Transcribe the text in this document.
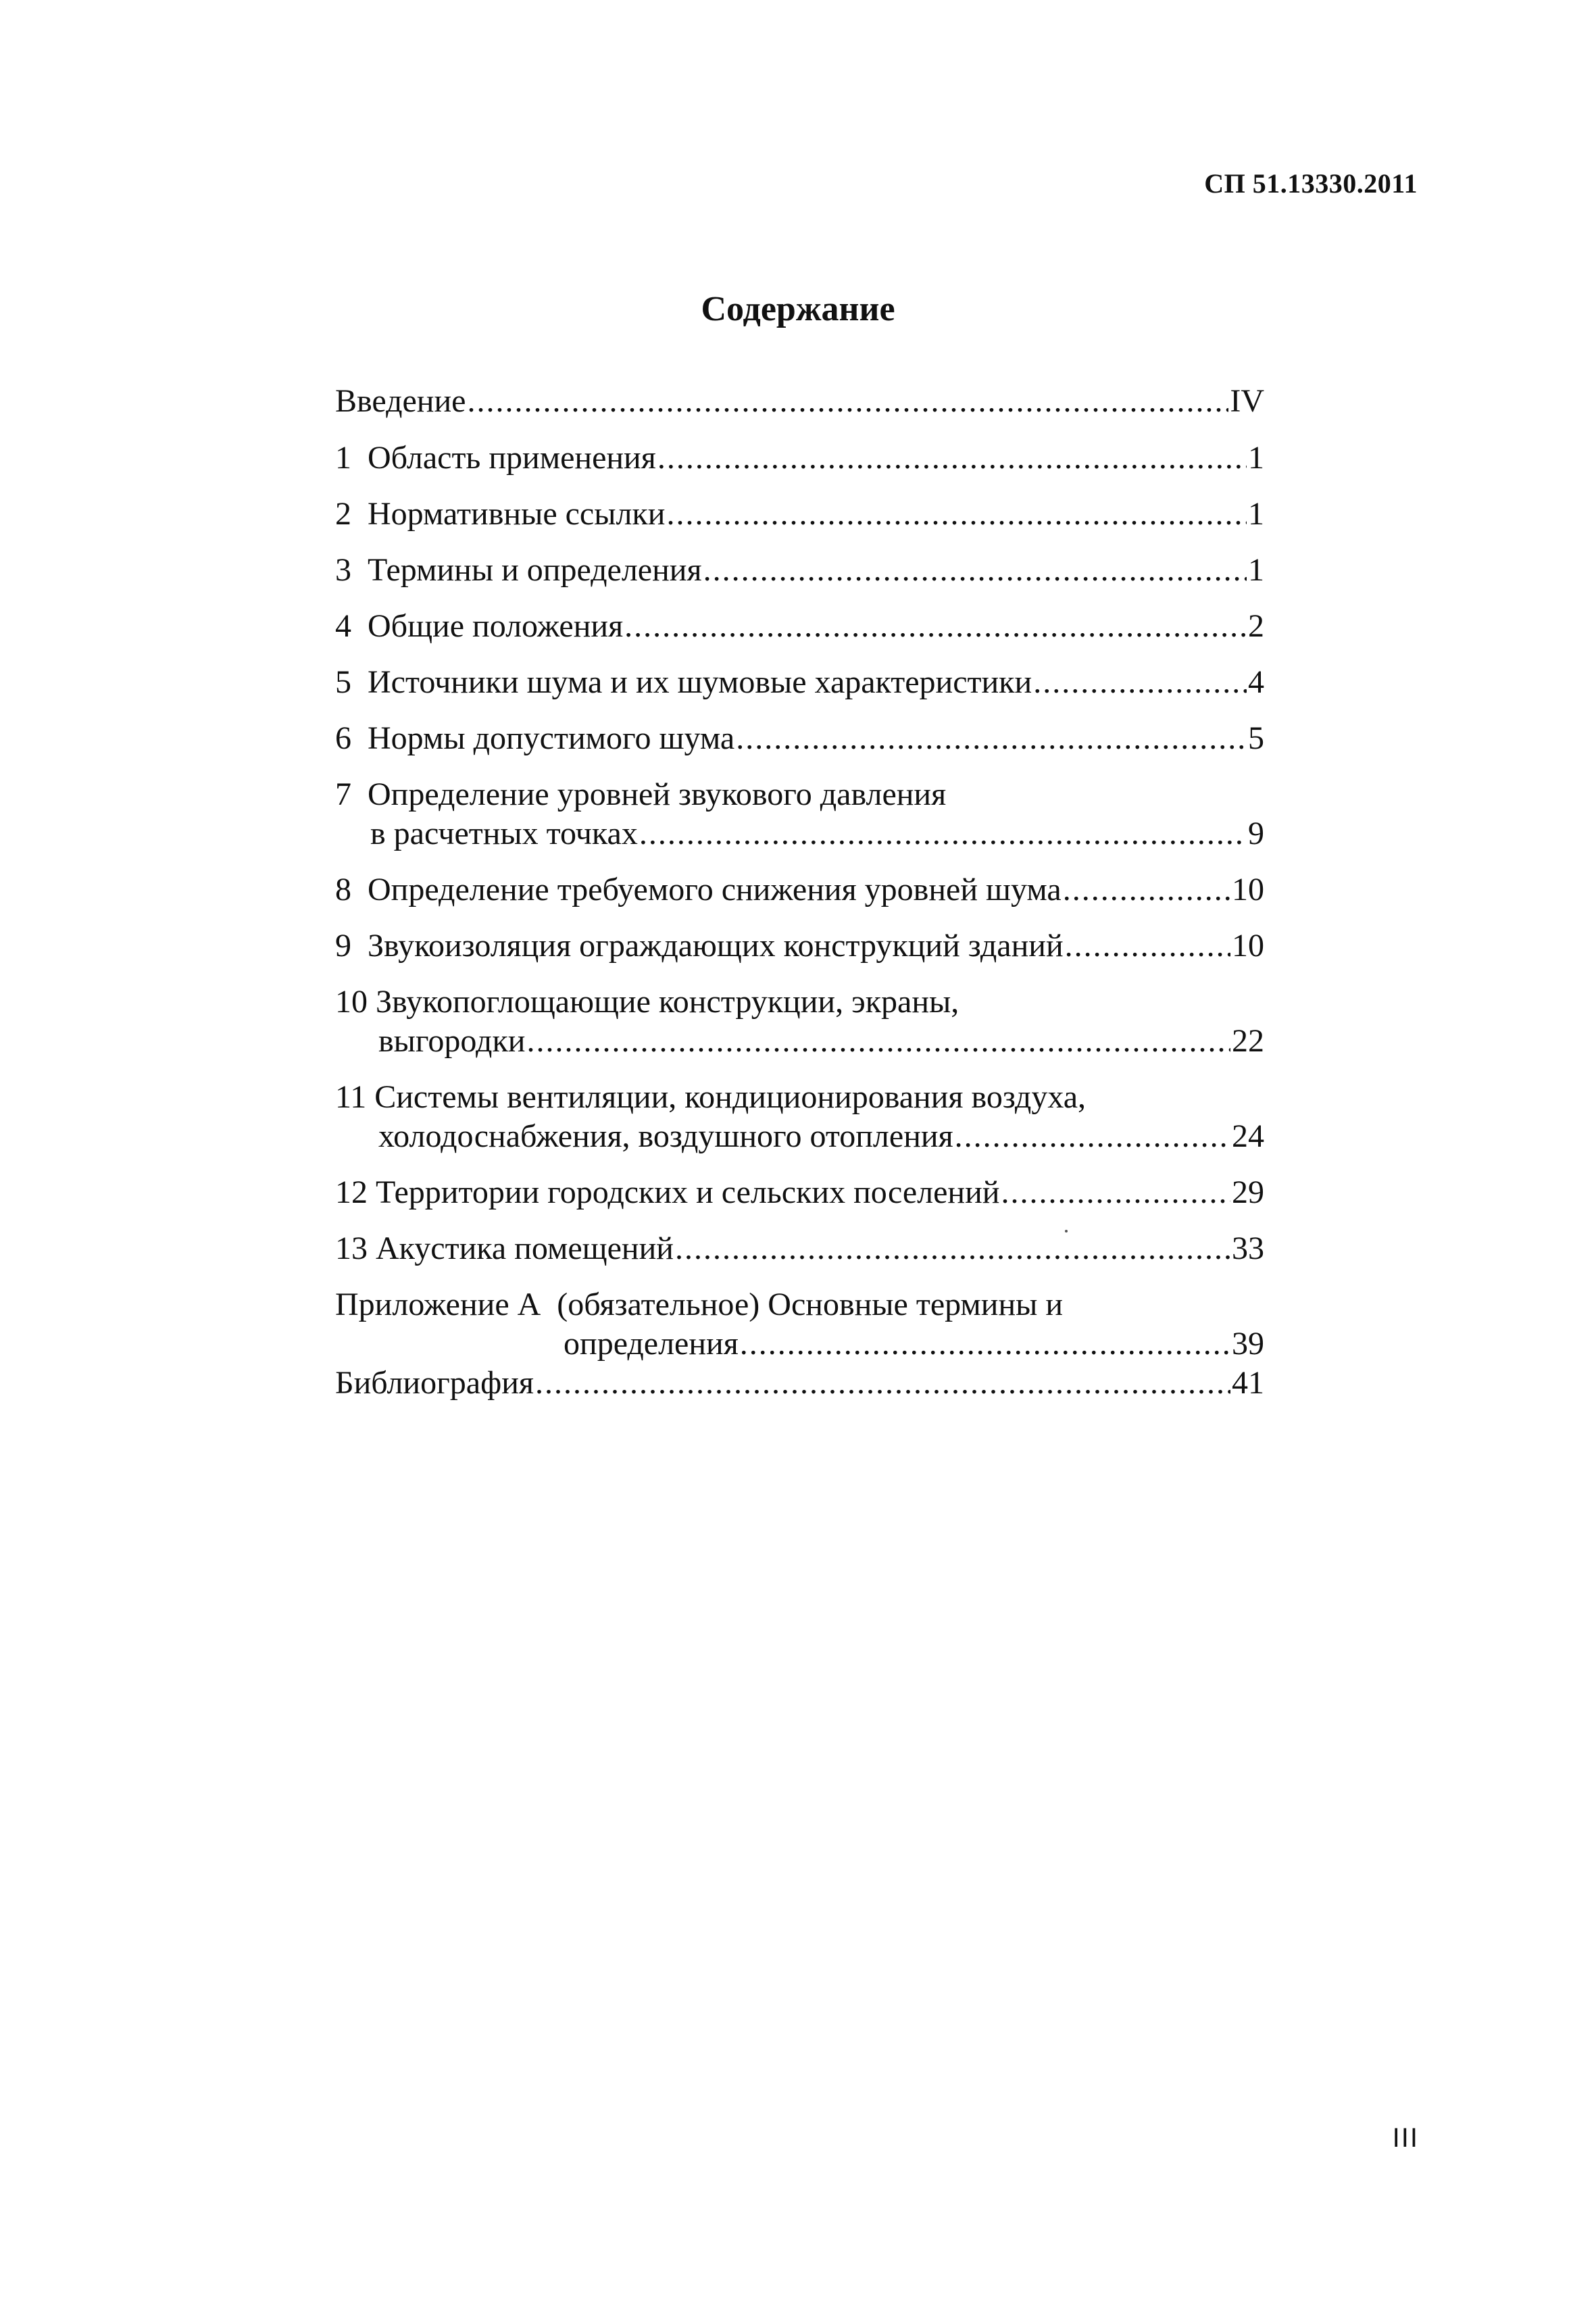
СП 51.13330.2011
Содержание
Введение .....	IV
1 Область применения .....	1
2 Нормативные ссылки .....	1
3 Термины и определения .....	1
4 Общие положения .....	2
5 Источники шума и их шумовые характеристики .....	4
6 Нормы допустимого шума .....	5
7 Определение уровней звукового давления
в расчетных точках .....	9
8 Определение требуемого снижения уровней шума .....	10
9 Звукоизоляция ограждающих конструкций зданий .....	10
10 Звукопоглощающие конструкции, экраны,
выгородки .....	22
11 Системы вентиляции, кондиционирования воздуха,
холодоснабжения, воздушного отопления .....	24
12 Территории городских и сельских поселений .....	29
13 Акустика помещений .....	33
Приложение А  (обязательное) Основные термины и
определения .....	39
Библиография .....	41
III
